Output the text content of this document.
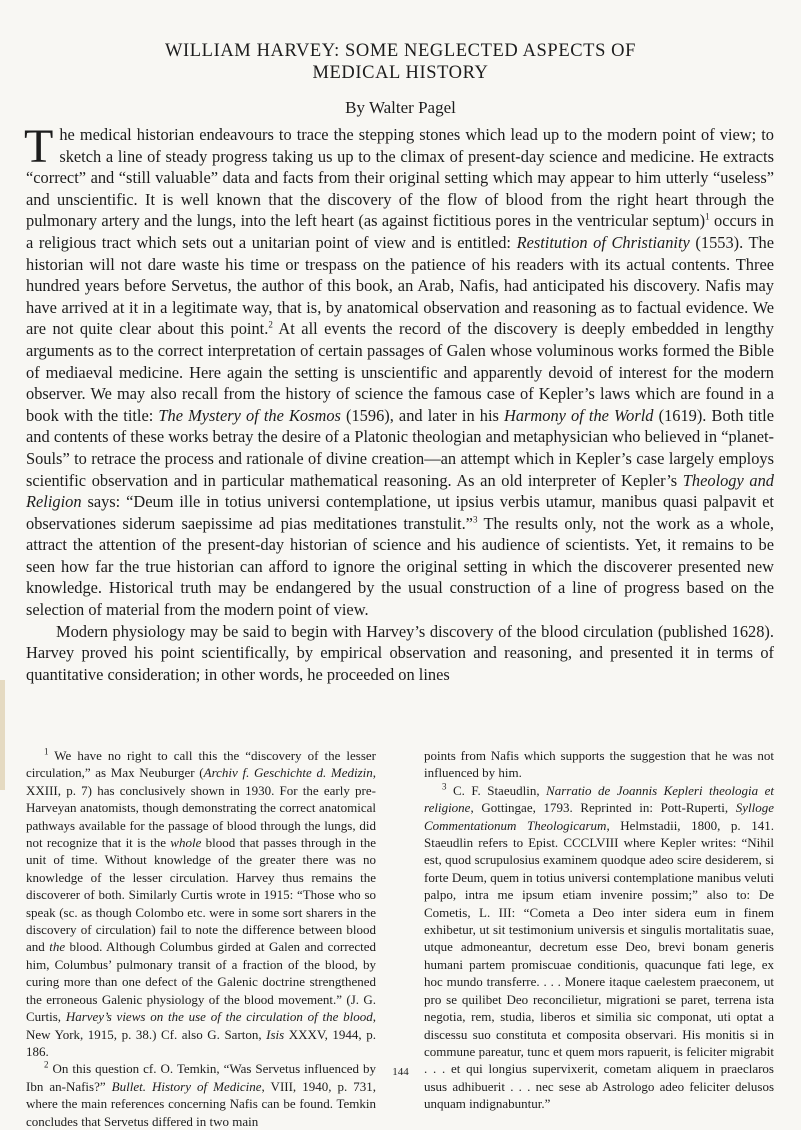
WILLIAM HARVEY: SOME NEGLECTED ASPECTS OF
MEDICAL HISTORY
By Walter Pagel

The medical historian endeavours to trace the stepping stones which lead up to the modern point of view; to sketch a line of steady progress taking us up to the climax of present-day science and medicine. He extracts “correct” and “still valuable” data and facts from their original setting which may appear to him utterly “useless” and unscientific. It is well known that the discovery of the flow of blood from the right heart through the pulmonary artery and the lungs, into the left heart (as against fictitious pores in the ventricular septum)$^1$ occurs in a religious tract which sets out a unitarian point of view and is entitled: Restitution of Christianity (1553). The historian will not dare waste his time or trespass on the patience of his readers with its actual contents. Three hundred years before Servetus, the author of this book, an Arab, Nafis, had anticipated his discovery. Nafis may have arrived at it in a legitimate way, that is, by anatomical observation and reasoning as to factual evidence. We are not quite clear about this point.$^2$ At all events the record of the discovery is deeply embedded in lengthy arguments as to the correct interpretation of certain passages of Galen whose voluminous works formed the Bible of mediaeval medicine. Here again the setting is unscientific and apparently devoid of interest for the modern observer. We may also recall from the history of science the famous case of Kepler’s laws which are found in a book with the title: The Mystery of the Kosmos (1596), and later in his Harmony of the World (1619). Both title and contents of these works betray the desire of a Platonic theologian and metaphysician who believed in “planet-Souls” to retrace the process and rationale of divine creation—an attempt which in Kepler’s case largely employs scientific observation and in particular mathematical reasoning. As an old interpreter of Kepler’s Theology and Religion says: “Deum ille in totius universi contemplatione, ut ipsius verbis utamur, manibus quasi palpavit et observationes siderum saepissime ad pias meditationes transtulit.”$^3$ The results only, not the work as a whole, attract the attention of the present-day historian of science and his audience of scientists. Yet, it remains to be seen how far the true historian can afford to ignore the original setting in which the discoverer presented new knowledge. Historical truth may be endangered by the usual construction of a line of progress based on the selection of material from the modern point of view.

Modern physiology may be said to begin with Harvey’s discovery of the blood circulation (published 1628). Harvey proved his point scientifically, by empirical observation and reasoning, and presented it in terms of quantitative consideration; in other words, he proceeded on lines

$^1$ We have no right to call this the “discovery of the lesser circulation,” as Max Neuburger (Archiv f. Geschichte d. Medizin, XXIII, p. 7) has conclusively shown in 1930. For the early pre-Harveyan anatomists, though demonstrating the correct anatomical pathways available for the passage of blood through the lungs, did not recognize that it is the whole blood that passes through in the unit of time. Without knowledge of the greater there was no knowledge of the lesser circulation. Harvey thus remains the discoverer of both. Similarly Curtis wrote in 1915: “Those who so speak (sc. as though Colombo etc. were in some sort sharers in the discovery of circulation) fail to note the difference between blood and the blood. Although Columbus girded at Galen and corrected him, Columbus’ pulmonary transit of a fraction of the blood, by curing more than one defect of the Galenic doctrine strengthened the erroneous Galenic physiology of the blood movement.” (J. G. Curtis, Harvey’s views on the use of the circulation of the blood, New York, 1915, p. 38.) Cf. also G. Sarton, Isis XXXV, 1944, p. 186.

$^2$ On this question cf. O. Temkin, “Was Servetus influenced by Ibn an-Nafis?” Bullet. History of Medicine, VIII, 1940, p. 731, where the main references concerning Nafis can be found. Temkin concludes that Servetus differed in two main

points from Nafis which supports the suggestion that he was not influenced by him.

$^3$ C. F. Staeudlin, Narratio de Joannis Kepleri theologia et religione, Gottingae, 1793. Reprinted in: Pott-Ruperti, Sylloge Commentationum Theologicarum, Helmstadii, 1800, p. 141. Staeudlin refers to Epist. CCCLVIII where Kepler writes: “Nihil est, quod scrupulosius examinem quodque adeo scire desiderem, si forte Deum, quem in totius universi contemplatione manibus veluti palpo, intra me ipsum etiam invenire possim;” also to: De Cometis, L. III: “Cometa a Deo inter sidera eum in finem exhibetur, ut sit testimonium universis et singulis mortalitatis suae, utque admoneantur, decretum esse Deo, brevi bonam generis humani partem promiscuae conditionis, quacunque fati lege, ex hoc mundo transferre. . . . Monere itaque caelestem praeconem, ut pro se quilibet Deo reconcilietur, migrationi se paret, terrena ista negotia, rem, studia, liberos et similia sic componat, uti optat a discessu suo constituta et composita observari. His monitis si in commune pareatur, tunc et quem mors rapuerit, is feliciter migrabit . . . et qui longius supervixerit, cometam aliquem in praeclaros usus adhibuerit . . . nec sese ab Astrologo adeo feliciter delusos unquam indignabuntur.”

144
